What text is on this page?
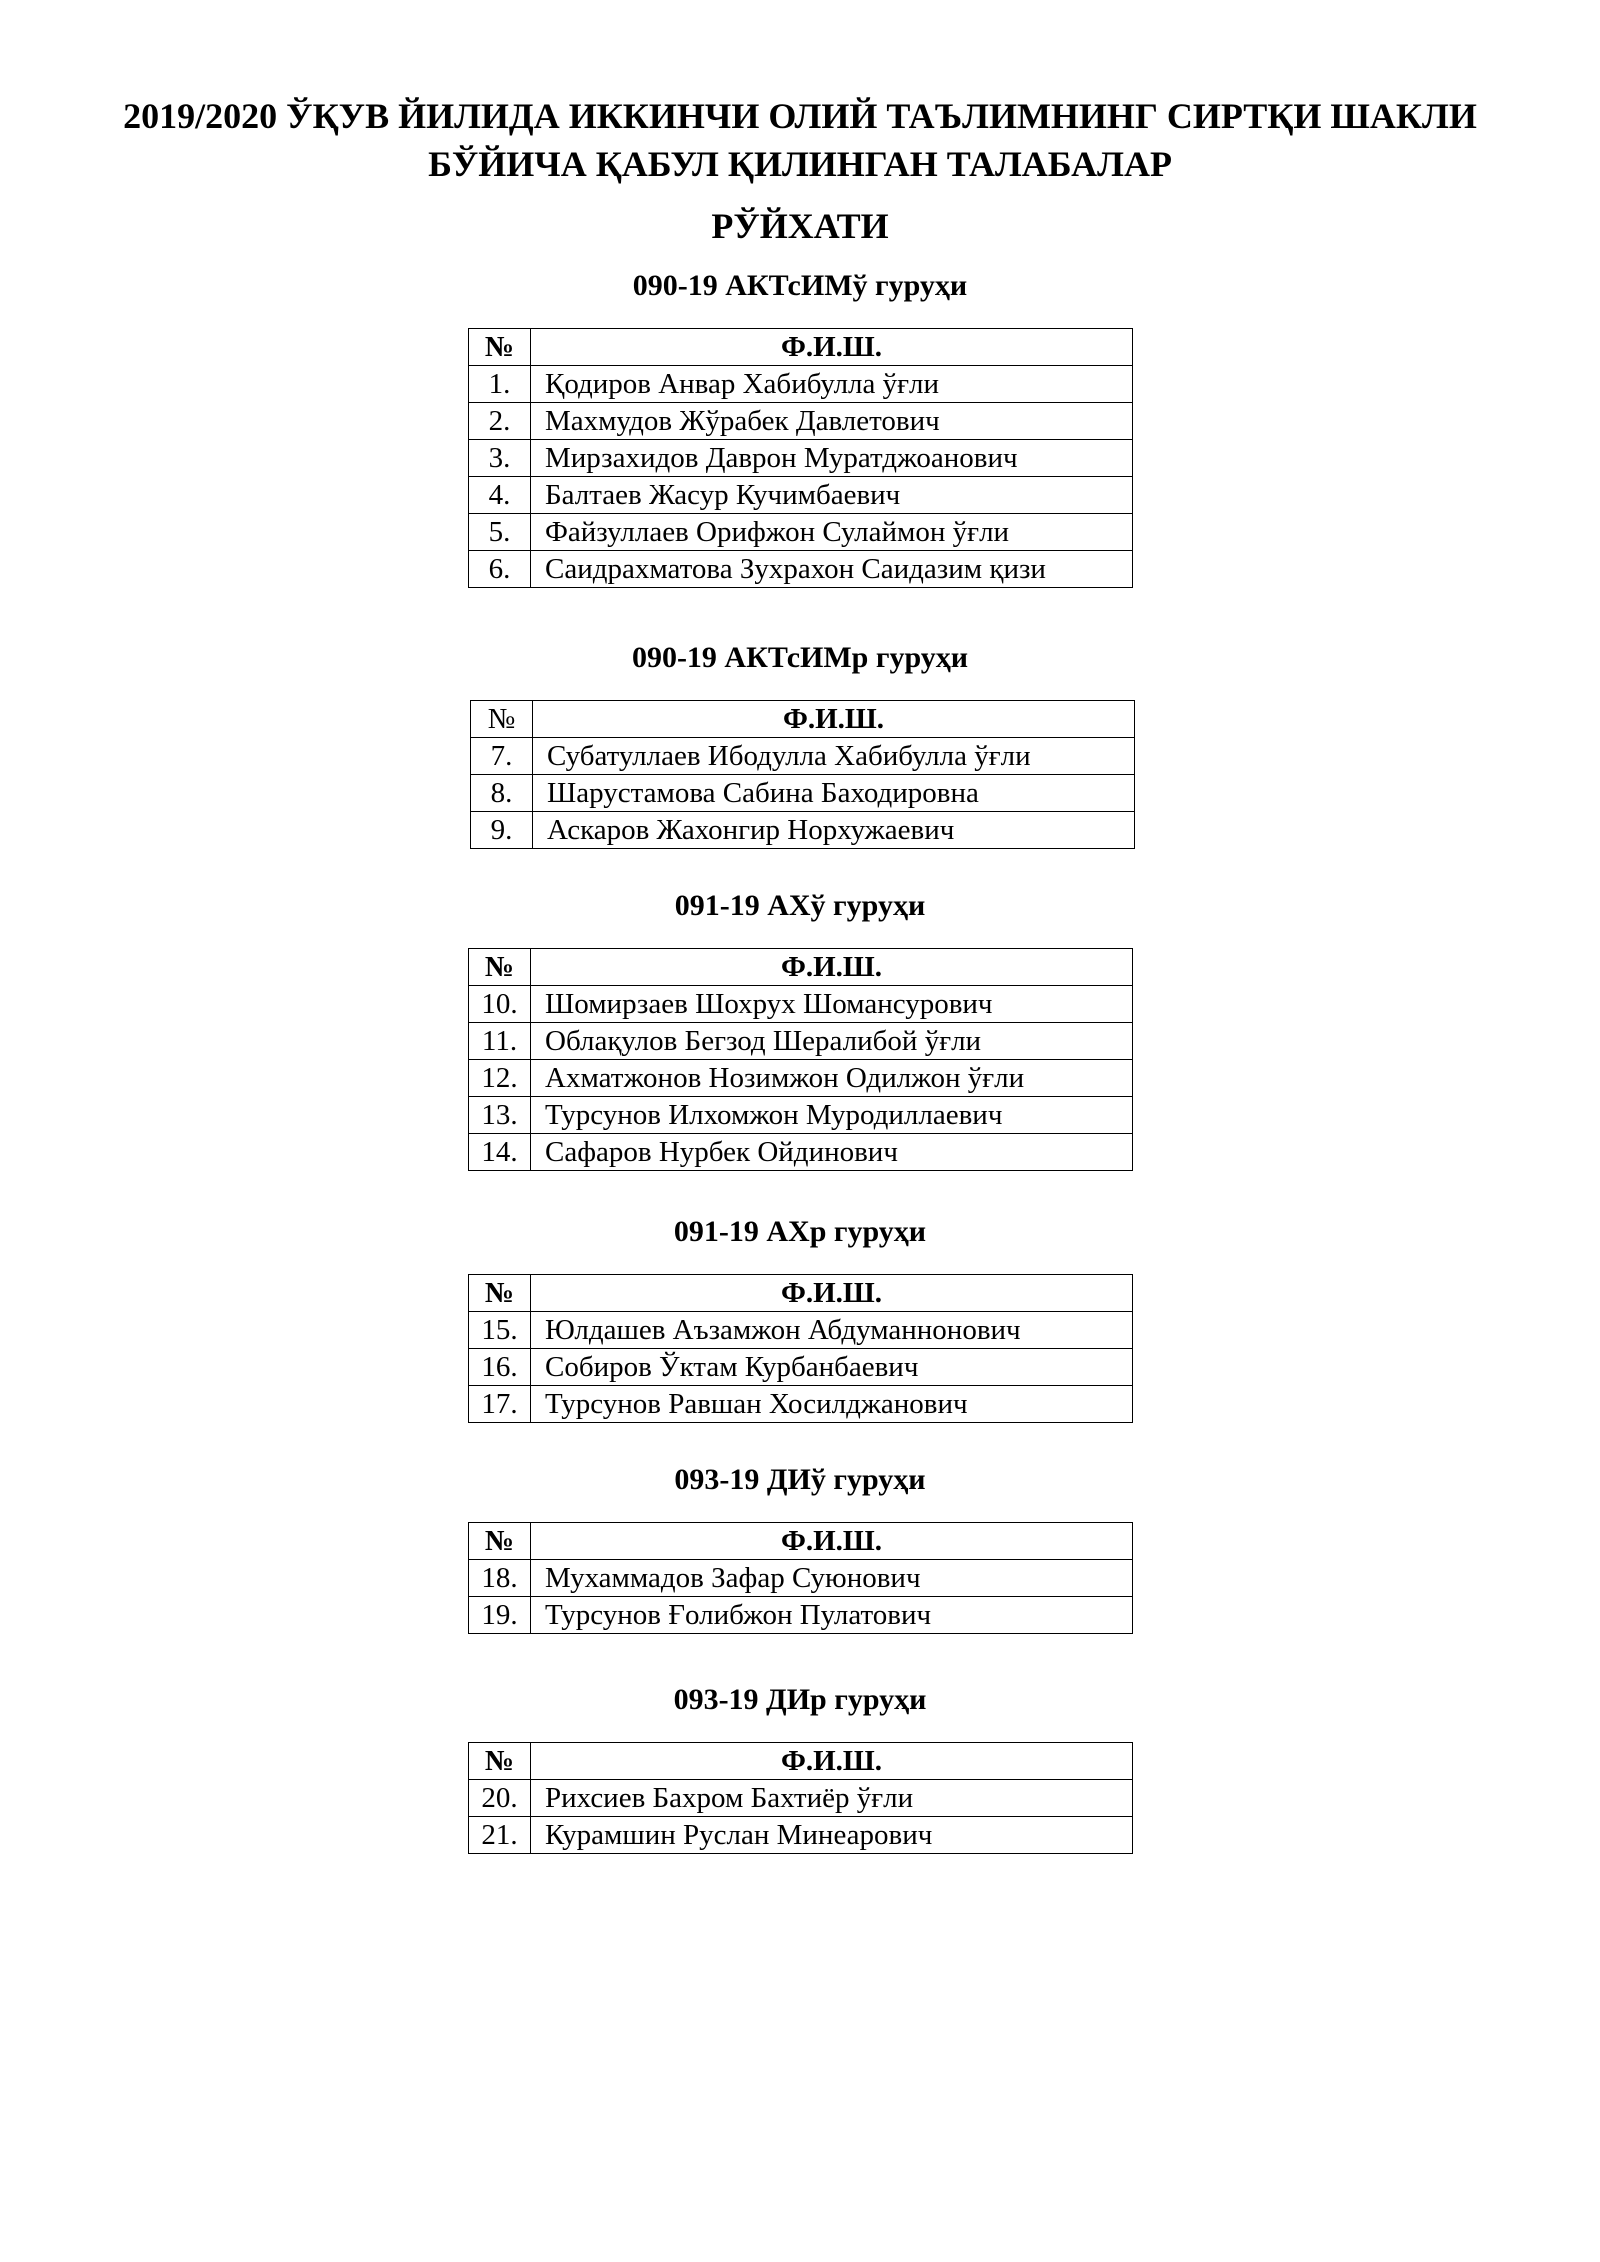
2019/2020 ЎҚУВ ЙИЛИДА ИККИНЧИ ОЛИЙ ТАЪЛИМНИНГ СИРТҚИ ШАКЛИ
БЎЙИЧА ҚАБУЛ ҚИЛИНГАН ТАЛАБАЛАР
РЎЙХАТИ
090-19 АКТсИМў гуруҳи
№	Ф.И.Ш.
1.	Қодиров Анвар Хабибулла ўғли
2.	Махмудов Жўрабек Давлетович
3.	Мирзахидов Даврон Муратджоанович
4.	Балтаев Жасур Кучимбаевич
5.	Файзуллаев Орифжон Сулаймон ўғли
6.	Саидрахматова Зухрахон Саидазим қизи
090-19 АКТсИМр гуруҳи
№	Ф.И.Ш.
7.	Субатуллаев Ибодулла Хабибулла ўғли
8.	Шарустамова Сабина Баходировна
9.	Аскаров Жахонгир Норхужаевич
091-19 АХў гуруҳи
№	Ф.И.Ш.
10.	Шомирзаев Шохрух Шомансурович
11.	Облақулов Бегзод Шералибой ўғли
12.	Ахматжонов Нозимжон Одилжон ўғли
13.	Турсунов Илхомжон Муродиллаевич
14.	Сафаров Нурбек Ойдинович
091-19 АХр гуруҳи
№	Ф.И.Ш.
15.	Юлдашев Аъзамжон Абдуманнонович
16.	Собиров Ўктам Курбанбаевич
17.	Турсунов Равшан Хосилджанович
093-19 ДИў гуруҳи
№	Ф.И.Ш.
18.	Мухаммадов Зафар Суюнович
19.	Турсунов Ғолибжон Пулатович
093-19 ДИр гуруҳи
№	Ф.И.Ш.
20.	Рихсиев Бахром Бахтиёр ўғли
21.	Курамшин Руслан Минеарович
